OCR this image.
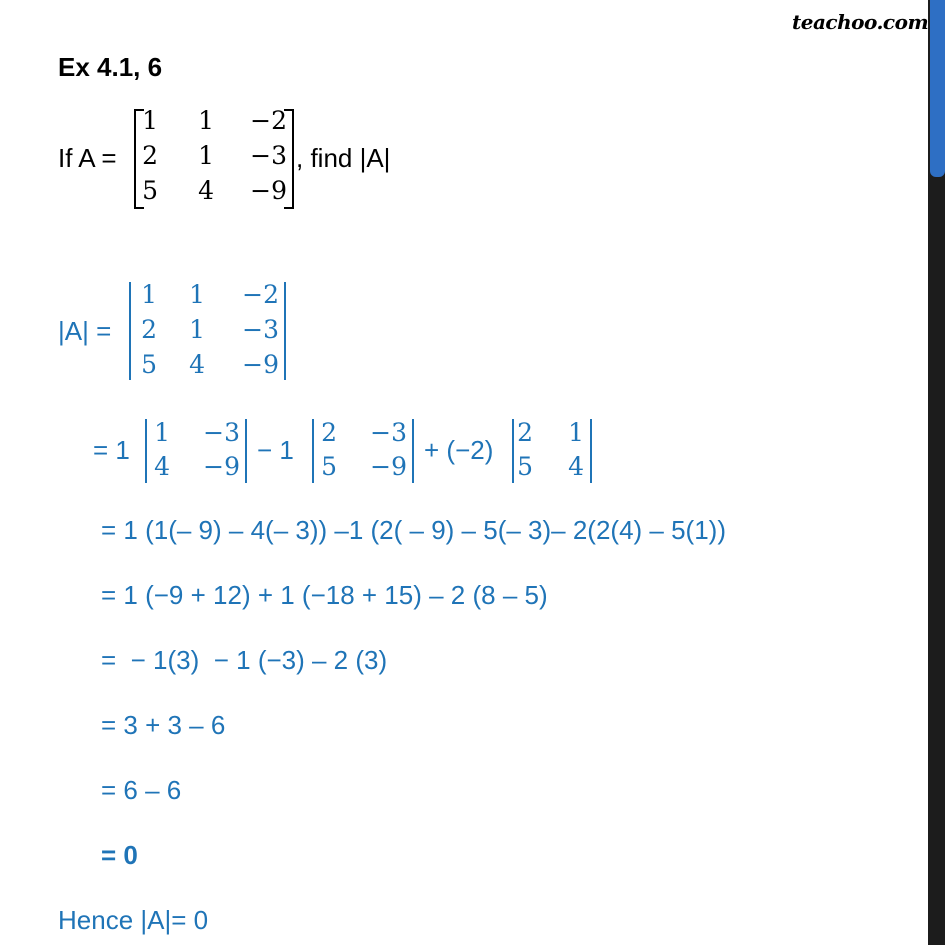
teachoo.com
Ex 4.1, 6
If A =
1	1	−2
2	1	−3
5	4	−9
, find |A|
|A| =
1	1	−2
2	1	−3
5	4	−9
= 1
1	−3
4	−9
− 1
2	−3
5	−9
+ (−2)
2	1
5	4
= 1 (1(– 9) – 4(– 3)) –1 (2( – 9) – 5(– 3)– 2(2(4) – 5(1))
= 1 (−9 + 12) + 1 (−18 + 15) – 2 (8 – 5)
=  − 1(3)  − 1 (−3) – 2 (3)
= 3 + 3 – 6
= 6 – 6
= 0
Hence |A|= 0
